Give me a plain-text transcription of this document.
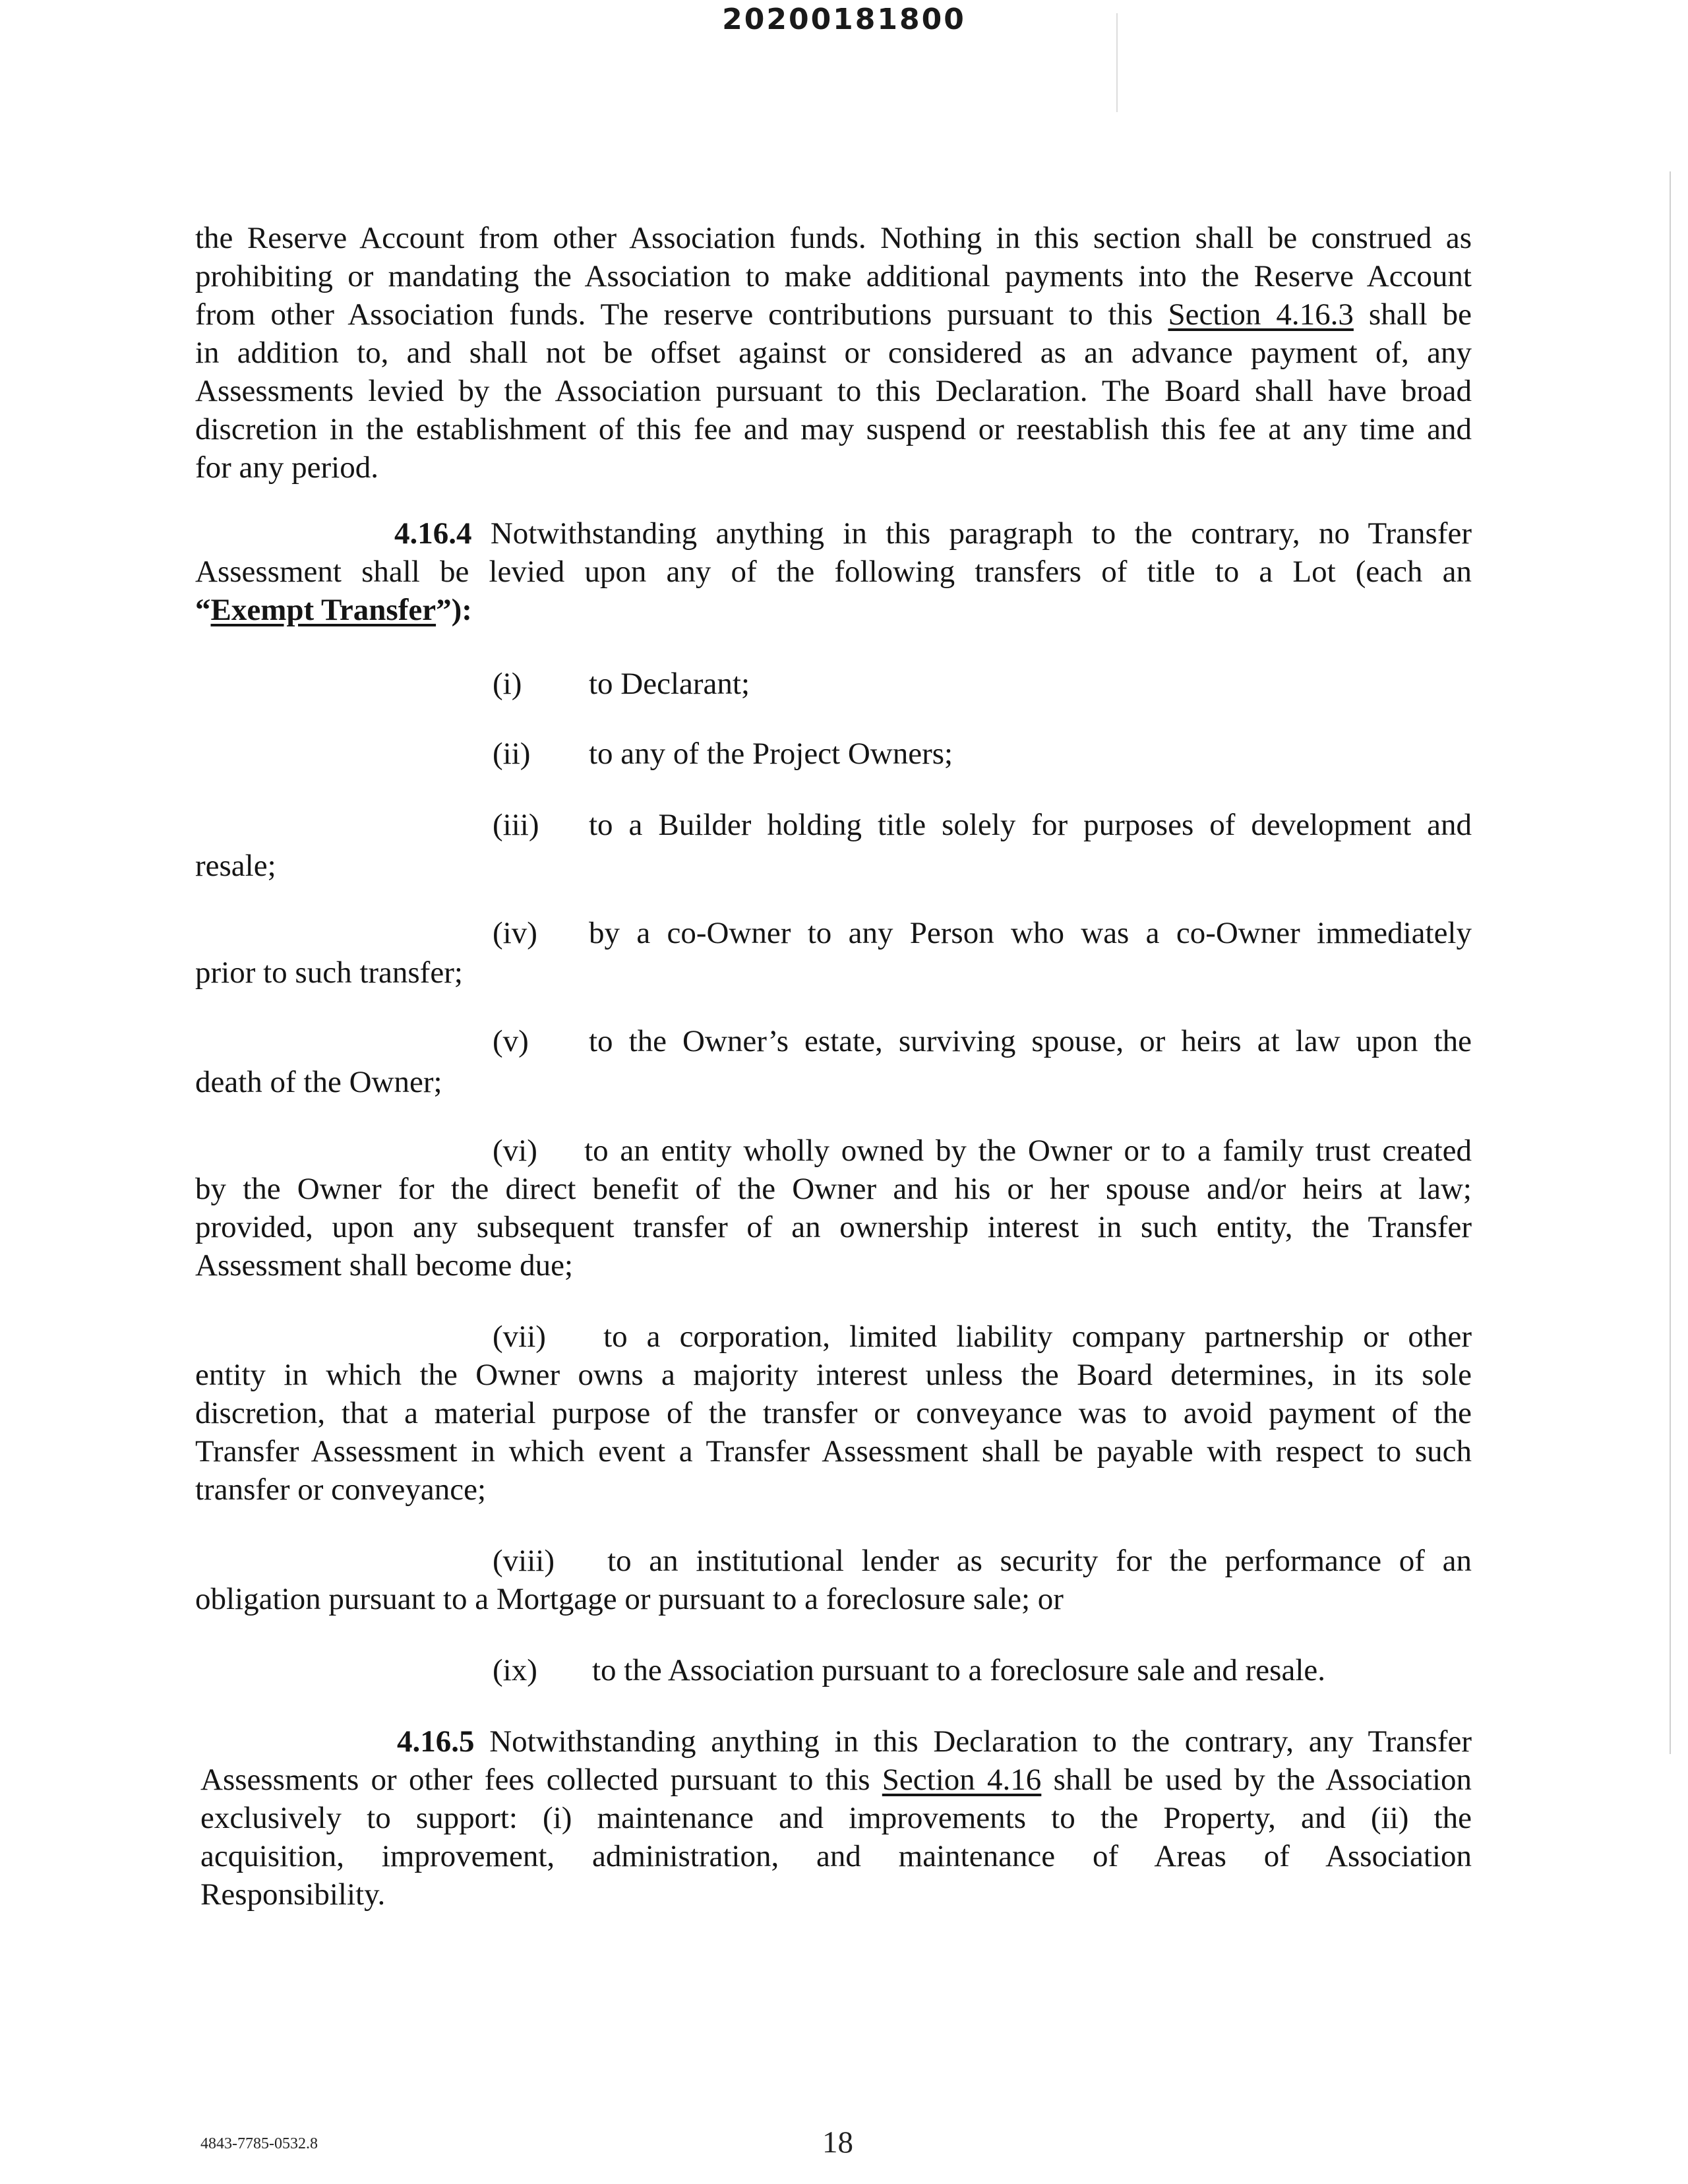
20200181800
the Reserve Account from other Association funds. Nothing in this section shall be construed as
prohibiting or mandating the Association to make additional payments into the Reserve Account
from other Association funds. The reserve contributions pursuant to this Section 4.16.3 shall be
in addition to, and shall not be offset against or considered as an advance payment of, any
Assessments levied by the Association pursuant to this Declaration. The Board shall have broad
discretion in the establishment of this fee and may suspend or reestablish this fee at any time and
for any period.
4.16.4 Notwithstanding anything in this paragraph to the contrary, no Transfer
Assessment shall be levied upon any of the following transfers of title to a Lot (each an
“Exempt Transfer”):
(i) to Declarant;
(ii) to any of the Project Owners;
(iii) to a Builder holding title solely for purposes of development and
resale;
(iv) by a co-Owner to any Person who was a co-Owner immediately
prior to such transfer;
(v) to the Owner’s estate, surviving spouse, or heirs at law upon the
death of the Owner;
(vi) to an entity wholly owned by the Owner or to a family trust created
by the Owner for the direct benefit of the Owner and his or her spouse and/or heirs at law;
provided, upon any subsequent transfer of an ownership interest in such entity, the Transfer
Assessment shall become due;
(vii) to a corporation, limited liability company partnership or other
entity in which the Owner owns a majority interest unless the Board determines, in its sole
discretion, that a material purpose of the transfer or conveyance was to avoid payment of the
Transfer Assessment in which event a Transfer Assessment shall be payable with respect to such
transfer or conveyance;
(viii) to an institutional lender as security for the performance of an
obligation pursuant to a Mortgage or pursuant to a foreclosure sale; or
(ix) to the Association pursuant to a foreclosure sale and resale.
4.16.5 Notwithstanding anything in this Declaration to the contrary, any Transfer
Assessments or other fees collected pursuant to this Section 4.16 shall be used by the Association
exclusively to support: (i) maintenance and improvements to the Property, and (ii) the
acquisition, improvement, administration, and maintenance of Areas of Association
Responsibility.
4843-7785-0532.8	18
